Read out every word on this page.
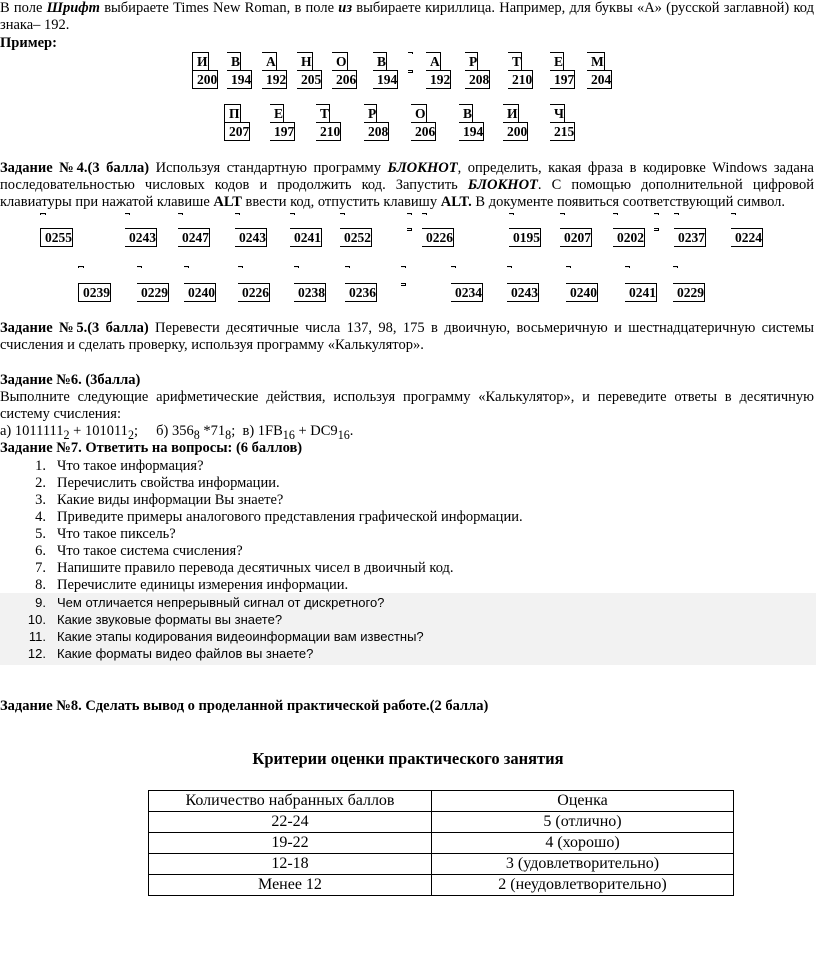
В поле Шрифт выбираете Times New Roman, в поле из выбираете кириллица. Например, для буквы «А» (русской заглавной) код знака– 192.
Пример:
И В А Н О В	А Р	Т Е М
200 194 192 205 206 194 192 208 210 197 204
П	Е	Т	Р	О	В	И	Ч
207 197 210 208 206 194 200 215
Задание №4.(3 балла) Используя стандартную программу БЛОКНОТ, определить, какая фраза в кодировке Windows задана последовательностью числовых кодов и продолжить код. Запустить БЛОКНОТ. С помощью дополнительной цифровой клавиатуры при нажатой клавише ALT ввести код, отпустить клавишу ALT. В документе появиться соответствующий символ.
0255	0243 0247 0243 0241 0252	0226	0195 0207 0202	0237 0224
0239 0229 0240 0226 0238 0236	0234 0243 0240 0241 0229
Задание №5.(3 балла) Перевести десятичные числа 137, 98, 175 в двоичную, восьмеричную и шестнадцатеричную системы счисления и сделать проверку, используя программу «Калькулятор».
Задание №6. (3балла)
Выполните следующие арифметические действия, используя программу «Калькулятор», и переведите ответы в десятичную систему счисления:
а) $1011111_2 + 101011_2$;     б) $356_8$ $*71_8$;  в) $1FB_{16} + DC9_{16}$.
Задание №7. Ответить на вопросы: (6 баллов)
1. Что такое информация?
2. Перечислить свойства информации.
3. Какие виды информации Вы знаете?
4. Приведите примеры аналогового представления графической информации.
5. Что такое пиксель?
6. Что такое система счисления?
7. Напишите правило перевода десятичных чисел в двоичный код.
8. Перечислите единицы измерения информации.
9. Чем отличается непрерывный сигнал от дискретного?
10. Какие звуковые форматы вы знаете?
11. Какие этапы кодирования видеоинформации вам известны?
12. Какие форматы видео файлов вы знаете?
Задание №8. Сделать вывод о проделанной практической работе.(2 балла)
Критерии оценки практического занятия
Количество набранных баллов	Оценка
22-24	5 (отлично)
19-22	4 (хорошо)
12-18	3 (удовлетворительно)
Менее 12	2 (неудовлетворительно)
